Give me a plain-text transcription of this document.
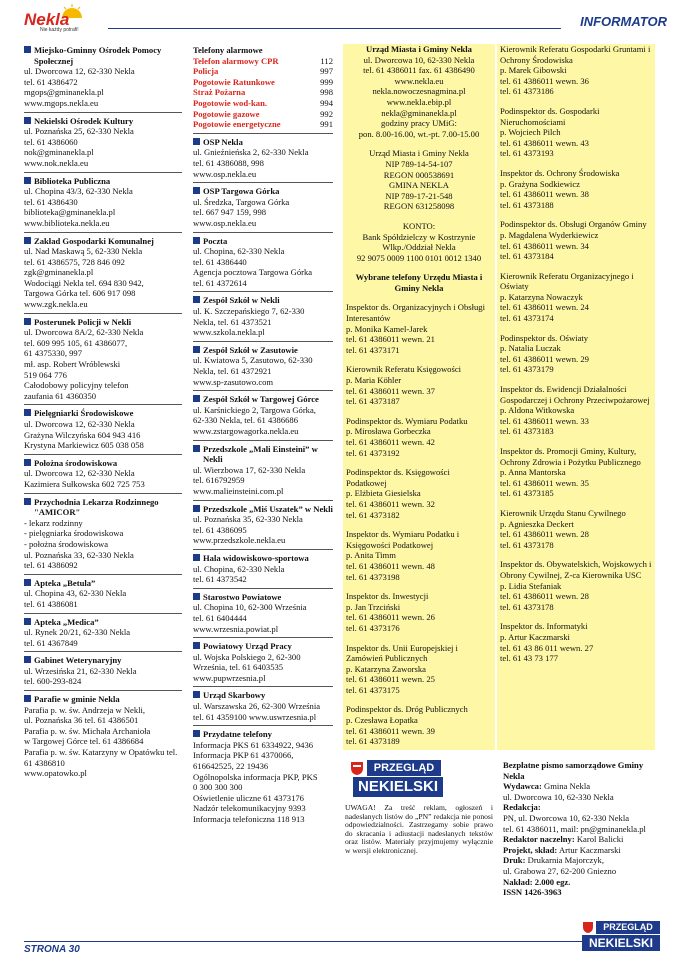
Nekla
Nie każdy potrafi!
INFORMATOR
Miejsko-Gminny Ośrodek Pomocy Społecznej
ul. Dworcowa 12, 62-330 Nekla
tel. 61 4386472
mgops@gminanekla.pl
www.mgops.nekla.eu
Nekielski Ośrodek Kultury
ul. Poznańska 25, 62-330 Nekla
tel. 61 4386060
nok@gminanekla.pl
www.nok.nekla.eu
Biblioteka Publiczna
ul. Chopina 43/3, 62-330 Nekla
tel. 61 4386430
biblioteka@gminanekla.pl
www.biblioteka.nekla.eu
Zakład Gospodarki Komunalnej
ul. Nad Maskawą 5, 62-330 Nekla
tel. 61 4386575, 728 846 092
zgk@gminanekla.pl
Wodociągi Nekla tel. 694 830 942,
Targowa Górka tel. 606 917 098
www.zgk.nekla.eu
Posterunek Policji w Nekli
ul. Dworcowa 8A/2, 62-330 Nekla
tel. 609 995 105, 61 4386077,
61 4375330, 997
mł. asp. Robert Wróblewski
519 064 776
Całodobowy policyjny telefon
zaufania 61 4360350
Pielęgniarki Środowiskowe
ul. Dworcowa 12, 62-330 Nekla
Grażyna Wilczyńska 604 943 416
Krystyna Markiewicz 605 038 058
Położna środowiskowa
ul. Dworcowa 12, 62-330 Nekla
Kazimiera Sułkowska 602 725 753
Przychodnia Lekarza Rodzinnego "AMICOR"
- lekarz rodzinny
- pielęgniarka środowiskowa
- położna środowiskowa
ul. Poznańska 33, 62-330 Nekla
tel. 61 4386092
Apteka „Betula”
ul. Chopina 43, 62-330 Nekla
tel. 61 4386081
Apteka „Medica”
ul. Rynek 20/21, 62-330 Nekla
tel. 61 4367849
Gabinet Weterynaryjny
ul. Wrzesińska 21, 62-330 Nekla
tel. 600-293-824
Parafie w gminie Nekla
Parafia p. w. św. Andrzeja w Nekli,
ul. Poznańska 36 tel. 61 4386501
Parafia p. w. św. Michała Archanioła
w Targowej Górce tel. 61 4386684
Parafia p. w. św. Katarzyny w Opatówku tel. 61 4386810
www.opatowko.pl
Telefony alarmowe
Telefon alarmowy CPR	112
Policja	997
Pogotowie Ratunkowe	999
Straż Pożarna	998
Pogotowie wod-kan.	994
Pogotowie gazowe	992
Pogotowie energetyczne	991
OSP Nekla
ul. Gnieźnieńska 2, 62-330 Nekla
tel. 61 4386088, 998
www.osp.nekla.eu
OSP Targowa Górka
ul. Średzka, Targowa Górka
tel. 667 947 159, 998
www.osp.nekla.eu
Poczta
ul. Chopina, 62-330 Nekla
tel. 61 4386440
Agencja pocztowa Targowa Górka
tel. 61 4372614
Zespół Szkół w Nekli
ul. K. Szczepańskiego 7, 62-330
Nekla, tel. 61 4373521
www.szkola.nekla.pl
Zespół Szkół w Zasutowie
ul. Kwiatowa 5, Zasutowo, 62-330
Nekla, tel. 61 4372921
www.sp-zasutowo.com
Zespół Szkół w Targowej Górce
ul. Karśnickiego 2, Targowa Górka,
62-330 Nekla, tel. 61 4386686
www.zstargowagorka.nekla.eu
Przedszkole „Mali Einsteini” w Nekli
ul. Wierzbowa 17, 62-330 Nekla
tel. 616792959
www.malieinsteini.com.pl
Przedszkole „Miś Uszatek” w Nekli
ul. Poznańska 35, 62-330 Nekla
tel. 61 4386095
www.przedszkole.nekla.eu
Hala widowiskowo-sportowa
ul. Chopina, 62-330 Nekla
tel. 61 4373542
Starostwo Powiatowe
ul. Chopina 10, 62-300 Września
tel. 61 6404444
www.wrzesnia.powiat.pl
Powiatowy Urząd Pracy
ul. Wojska Polskiego 2, 62-300
Września, tel. 61 6403535
www.pupwrzesnia.pl
Urząd Skarbowy
ul. Warszawska 26, 62-300 Września
tel. 61 4359100 www.uswrzesnia.pl
Przydatne telefony
Informacja PKS 61 6334922, 9436
Informacja PKP 61 4370066,
616642525, 22 19436
Ogólnopolska informacja PKP, PKS
0 300 300 300
Oświetlenie uliczne 61 4373176
Nadzór telekomunikacyjny 9393
Informacja telefoniczna 118 913
Urząd Miasta i Gminy Nekla
ul. Dworcowa 10, 62-330 Nekla
tel. 61 4386011 fax. 61 4386490
www.nekla.eu
nekla.nowoczesnagmina.pl
www.nekla.ebip.pl
nekla@gminanekla.pl
godziny pracy UMiG:
pon. 8.00-16.00, wt.-pt. 7.00-15.00
Urząd Miasta i Gminy Nekla
NIP 789-14-54-107
REGON 000538691
GMINA NEKLA
NIP 789-17-21-548
REGON 631258098
KONTO:
Bank Spółdzielczy w Kostrzynie
Wlkp./Oddział Nekla
92 9075 0009 1100 0101 0012 1340
Wybrane telefony Urzędu Miasta i Gminy Nekla
Inspektor ds. Organizacyjnych i Obsługi Interesantów
p. Monika Kamel-Jarek
tel. 61 4386011 wewn. 21
tel. 61 4373171
Kierownik Referatu Księgowości
p. Maria Köhler
tel. 61 4386011 wewn. 37
tel. 61 4373187
Podinspektor ds. Wymiaru Podatku
p. Mirosława Gorbeczka
tel. 61 4386011 wewn. 42
tel. 61 4373192
Podinspektor ds. Księgowości Podatkowej
p. Elżbieta Giesielska
tel. 61 4386011 wewn. 32
tel. 61 4373182
Inspektor ds. Wymiaru Podatku i Księgowości Podatkowej
p. Anita Timm
tel. 61 4386011 wewn. 48
tel. 61 4373198
Inspektor ds. Inwestycji
p. Jan Trzciński
tel. 61 4386011 wewn. 26
tel. 61 4373176
Inspektor ds. Unii Europejskiej i Zamówień Publicznych
p. Katarzyna Zaworska
tel. 61 4386011 wewn. 25
tel. 61 4373175
Podinspektor ds. Dróg Publicznych
p. Czesława Łopatka
tel. 61 4386011 wewn. 39
tel. 61 4373189
Kierownik Referatu Gospodarki Gruntami i Ochrony Środowiska
p. Marek Gibowski
tel. 61 4386011 wewn. 36
tel. 61 4373186
Podinspektor ds. Gospodarki Nieruchomościami
p. Wojciech Pilch
tel. 61 4386011 wewn. 43
tel. 61 4373193
Inspektor ds. Ochrony Środowiska
p. Grażyna Sodkiewicz
tel. 61 4386011 wewn. 38
tel. 61 4373188
Podinspektor ds. Obsługi Organów Gminy
p. Magdalena Wyderkiewicz
tel. 61 4386011 wewn. 34
tel. 61 4373184
Kierownik Referatu Organizacyjnego i Oświaty
p. Katarzyna Nowaczyk
tel. 61 4386011 wewn. 24
tel. 61 4373174
Podinspektor ds. Oświaty
p. Natalia Luczak
tel. 61 4386011 wewn. 29
tel. 61 4373179
Inspektor ds. Ewidencji Działalności Gospodarczej i Ochrony Przeciwpożarowej
p. Aldona Witkowska
tel. 61 4386011 wewn. 33
tel. 61 4373183
Inspektor ds. Promocji Gminy, Kultury, Ochrony Zdrowia i Pożytku Publicznego
p. Anna Mantorska
tel. 61 4386011 wewn. 35
tel. 61 4373185
Kierownik Urzędu Stanu Cywilnego
p. Agnieszka Deckert
tel. 61 4386011 wewn. 28
tel. 61 4373178
Inspektor ds. Obywatelskich, Wojskowych i Obrony Cywilnej, Z-ca Kierownika USC
p. Lidia Stefaniak
tel. 61 4386011 wewn. 28
tel. 61 4373178
Inspektor ds. Informatyki
p. Artur Kaczmarski
tel. 61 43 86 011 wewn. 27
tel. 61 43 73 177
PRZEGLĄD
NEKIELSKI
UWAGA! Za treść reklam, ogłoszeń i nadesłanych listów do „PN” redakcja nie ponosi odpowiedzialności. Zastrzegamy sobie prawo do skracania i adiustacji nadesłanych tekstów oraz listów. Materiały przyjmujemy wyłącznie w wersji elektronicznej.
Bezpłatne pismo samorządowe Gminy Nekla
Wydawca: Gmina Nekla
ul. Dworcowa 10, 62-330 Nekla
Redakcja:
PN, ul. Dworcowa 10, 62-330 Nekla
tel. 61 4386011, mail: pn@gminanekla.pl
Redaktor naczelny: Karol Balicki
Projekt, skład: Artur Kaczmarski
Druk: Drukarnia Majorczyk,
ul. Grabowa 27, 62-200 Gniezno
Nakład: 2.000 egz.
ISSN 1426-3963
STRONA 30
PRZEGLĄD
NEKIELSKI
